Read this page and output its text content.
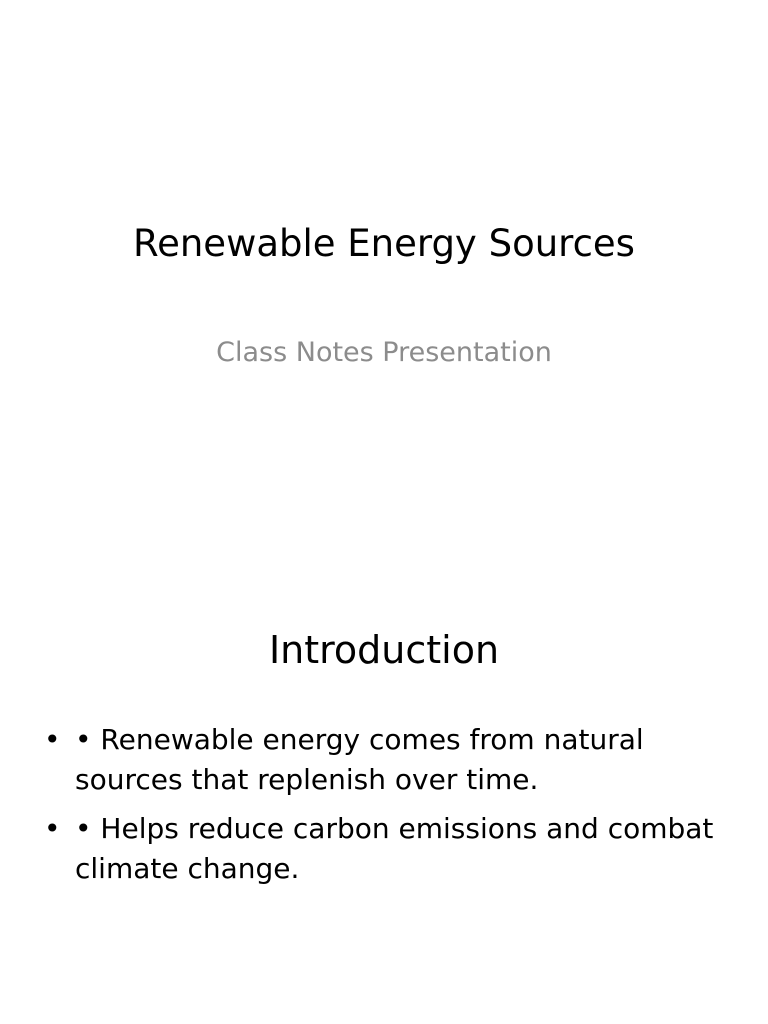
Renewable Energy Sources
Class Notes Presentation
Introduction
• • Renewable energy comes from natural sources that replenish over time.
• • Helps reduce carbon emissions and combat climate change.
